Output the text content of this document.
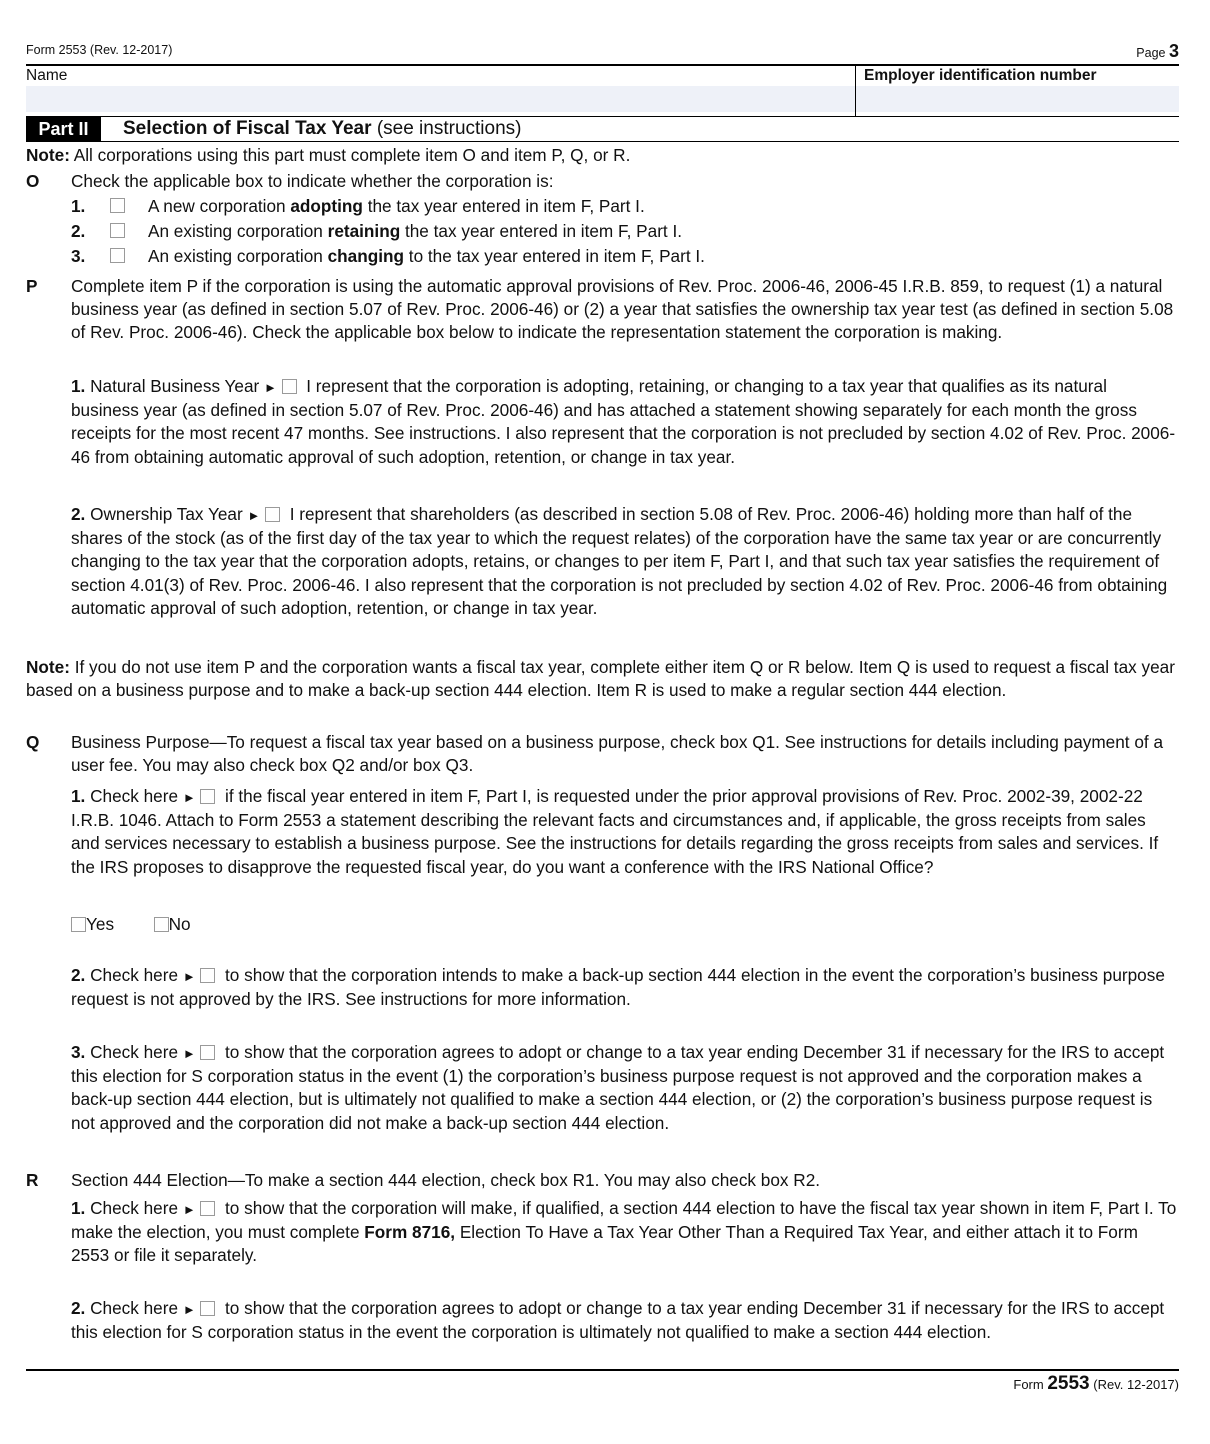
Form 2553 (Rev. 12-2017)	Page 3
Name	Employer identification number
Part II	Selection of Fiscal Tax Year (see instructions)
Note: All corporations using this part must complete item O and item P, Q, or R.
O Check the applicable box to indicate whether the corporation is:
1.	A new corporation adopting the tax year entered in item F, Part I.
2.	An existing corporation retaining the tax year entered in item F, Part I.
3.	An existing corporation changing to the tax year entered in item F, Part I.
P Complete item P if the corporation is using the automatic approval provisions of Rev. Proc. 2006-46, 2006-45 I.R.B. 859, to request (1) a natural business year (as defined in section 5.07 of Rev. Proc. 2006-46) or (2) a year that satisfies the ownership tax year test (as defined in section 5.08 of Rev. Proc. 2006-46). Check the applicable box below to indicate the representation statement the corporation is making.
1. Natural Business Year ► I represent that the corporation is adopting, retaining, or changing to a tax year that qualifies as its natural business year (as defined in section 5.07 of Rev. Proc. 2006-46) and has attached a statement showing separately for each month the gross receipts for the most recent 47 months. See instructions. I also represent that the corporation is not precluded by section 4.02 of Rev. Proc. 2006-46 from obtaining automatic approval of such adoption, retention, or change in tax year.
2. Ownership Tax Year ► I represent that shareholders (as described in section 5.08 of Rev. Proc. 2006-46) holding more than half of the shares of the stock (as of the first day of the tax year to which the request relates) of the corporation have the same tax year or are concurrently changing to the tax year that the corporation adopts, retains, or changes to per item F, Part I, and that such tax year satisfies the requirement of section 4.01(3) of Rev. Proc. 2006-46. I also represent that the corporation is not precluded by section 4.02 of Rev. Proc. 2006-46 from obtaining automatic approval of such adoption, retention, or change in tax year.
Note: If you do not use item P and the corporation wants a fiscal tax year, complete either item Q or R below. Item Q is used to request a fiscal tax year based on a business purpose and to make a back-up section 444 election. Item R is used to make a regular section 444 election.
Q Business Purpose—To request a fiscal tax year based on a business purpose, check box Q1. See instructions for details including payment of a user fee. You may also check box Q2 and/or box Q3.
1. Check here ► if the fiscal year entered in item F, Part I, is requested under the prior approval provisions of Rev. Proc. 2002-39, 2002-22 I.R.B. 1046. Attach to Form 2553 a statement describing the relevant facts and circumstances and, if applicable, the gross receipts from sales and services necessary to establish a business purpose. See the instructions for details regarding the gross receipts from sales and services. If the IRS proposes to disapprove the requested fiscal year, do you want a conference with the IRS National Office?
Yes	No
2. Check here ► to show that the corporation intends to make a back-up section 444 election in the event the corporation’s business purpose request is not approved by the IRS. See instructions for more information.
3. Check here ► to show that the corporation agrees to adopt or change to a tax year ending December 31 if necessary for the IRS to accept this election for S corporation status in the event (1) the corporation’s business purpose request is not approved and the corporation makes a back-up section 444 election, but is ultimately not qualified to make a section 444 election, or (2) the corporation’s business purpose request is not approved and the corporation did not make a back-up section 444 election.
R Section 444 Election—To make a section 444 election, check box R1. You may also check box R2.
1. Check here ► to show that the corporation will make, if qualified, a section 444 election to have the fiscal tax year shown in item F, Part I. To make the election, you must complete Form 8716, Election To Have a Tax Year Other Than a Required Tax Year, and either attach it to Form 2553 or file it separately.
2. Check here ► to show that the corporation agrees to adopt or change to a tax year ending December 31 if necessary for the IRS to accept this election for S corporation status in the event the corporation is ultimately not qualified to make a section 444 election.
Form 2553 (Rev. 12-2017)
